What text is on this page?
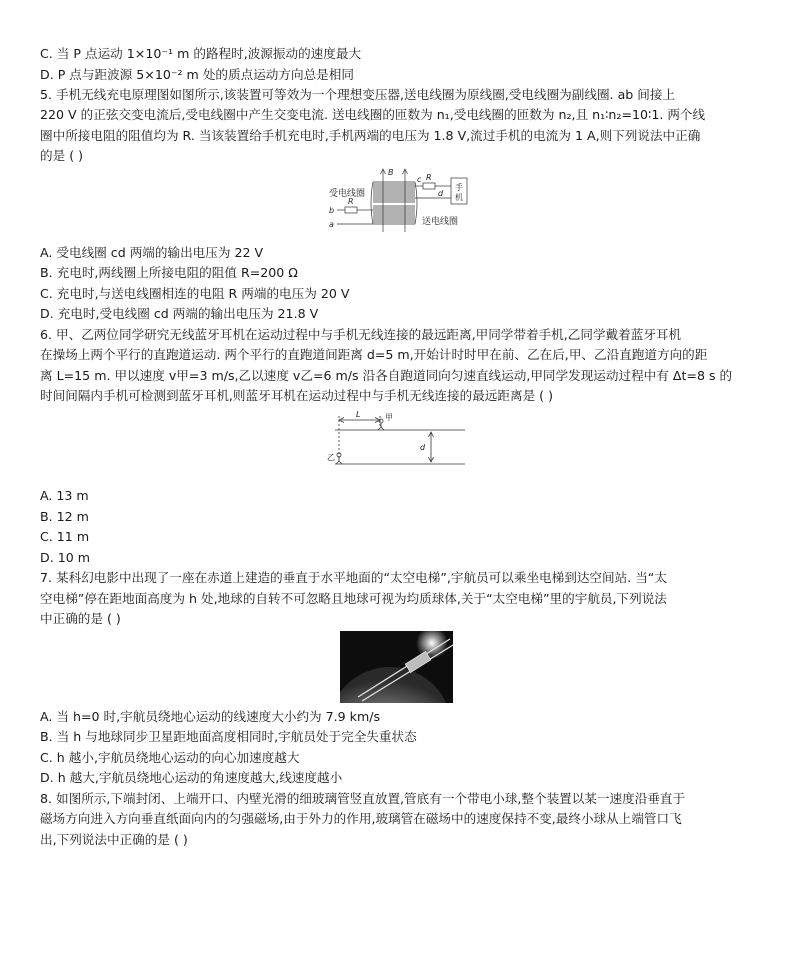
C. 当 P 点运动 1×10⁻¹ m 的路程时,波源振动的速度最大
D. P 点与距波源 5×10⁻² m 处的质点运动方向总是相同
5. 手机无线充电原理图如图所示,该装置可等效为一个理想变压器,送电线圈为原线圈,受电线圈为副线圈. ab 间接上
220 V 的正弦交变电流后,受电线圈中产生交变电流. 送电线圈的匝数为 n₁,受电线圈的匝数为 n₂,且 n₁∶n₂=10∶1. 两个线
圈中所接电阻的阻值均为 R. 当该装置给手机充电时,手机两端的电压为 1.8 V,流过手机的电流为 1 A,则下列说法中正确
的是 ( )
受电线圈
送电线圈
手
机
B
R
R
c
d
b
a
A. 受电线圈 cd 两端的输出电压为 22 V
B. 充电时,两线圈上所接电阻的阻值 R=200 Ω
C. 充电时,与送电线圈相连的电阻 R 两端的电压为 20 V
D. 充电时,受电线圈 cd 两端的输出电压为 21.8 V
6. 甲、乙两位同学研究无线蓝牙耳机在运动过程中与手机无线连接的最远距离,甲同学带着手机,乙同学戴着蓝牙耳机
在操场上两个平行的直跑道运动. 两个平行的直跑道间距离 d=5 m,开始计时时甲在前、乙在后,甲、乙沿直跑道方向的距
离 L=15 m. 甲以速度 v甲=3 m/s,乙以速度 v乙=6 m/s 沿各自跑道同向匀速直线运动,甲同学发现运动过程中有 Δt=8 s 的
时间间隔内手机可检测到蓝牙耳机,则蓝牙耳机在运动过程中与手机无线连接的最远距离是 ( )
L	甲
乙
d
A. 13 m
B. 12 m
C. 11 m
D. 10 m
7. 某科幻电影中出现了一座在赤道上建造的垂直于水平地面的“太空电梯”,宇航员可以乘坐电梯到达空间站. 当“太
空电梯”停在距地面高度为 h 处,地球的自转不可忽略且地球可视为均质球体,关于“太空电梯”里的宇航员,下列说法
中正确的是 ( )
A. 当 h=0 时,宇航员绕地心运动的线速度大小约为 7.9 km/s
B. 当 h 与地球同步卫星距地面高度相同时,宇航员处于完全失重状态
C. h 越小,宇航员绕地心运动的向心加速度越大
D. h 越大,宇航员绕地心运动的角速度越大,线速度越小
8. 如图所示,下端封闭、上端开口、内壁光滑的细玻璃管竖直放置,管底有一个带电小球,整个装置以某一速度沿垂直于
磁场方向进入方向垂直纸面向内的匀强磁场,由于外力的作用,玻璃管在磁场中的速度保持不变,最终小球从上端管口飞
出,下列说法中正确的是 ( )
